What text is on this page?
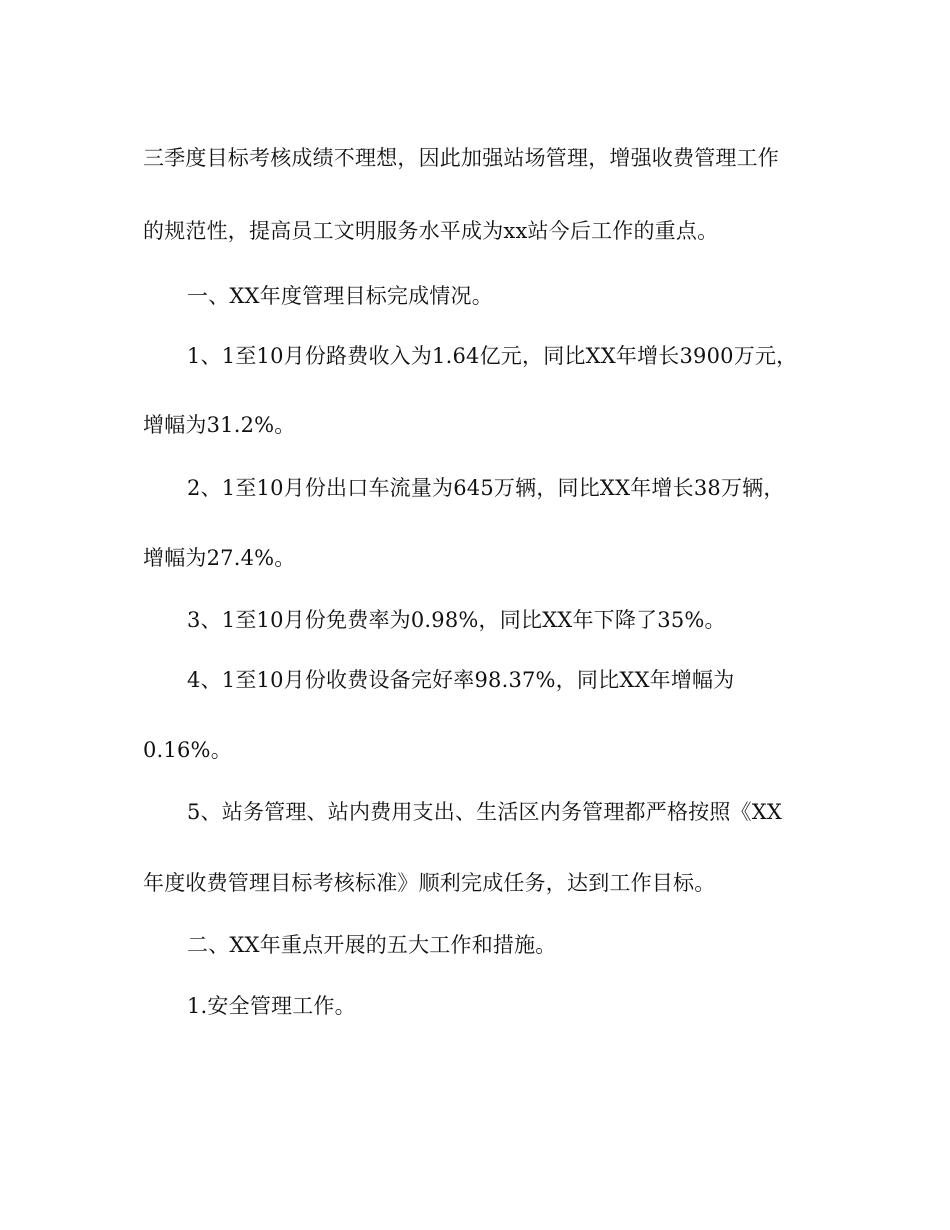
三季度目标考核成绩不理想，因此加强站场管理，增强收费管理工作
的规范性，提高员工文明服务水平成为xx站今后工作的重点。
一、XX年度管理目标完成情况。
1、1至10月份路费收入为1.64亿元，同比XX年增长3900万元，
增幅为31.2%。
2、1至10月份出口车流量为645万辆，同比XX年增长38万辆，
增幅为27.4%。
3、1至10月份免费率为0.98%，同比XX年下降了35%。
4、1至10月份收费设备完好率98.37%，同比XX年增幅为
0.16%。
5、站务管理、站内费用支出、生活区内务管理都严格按照《XX
年度收费管理目标考核标准》顺利完成任务，达到工作目标。
二、XX年重点开展的五大工作和措施。
1.安全管理工作。
